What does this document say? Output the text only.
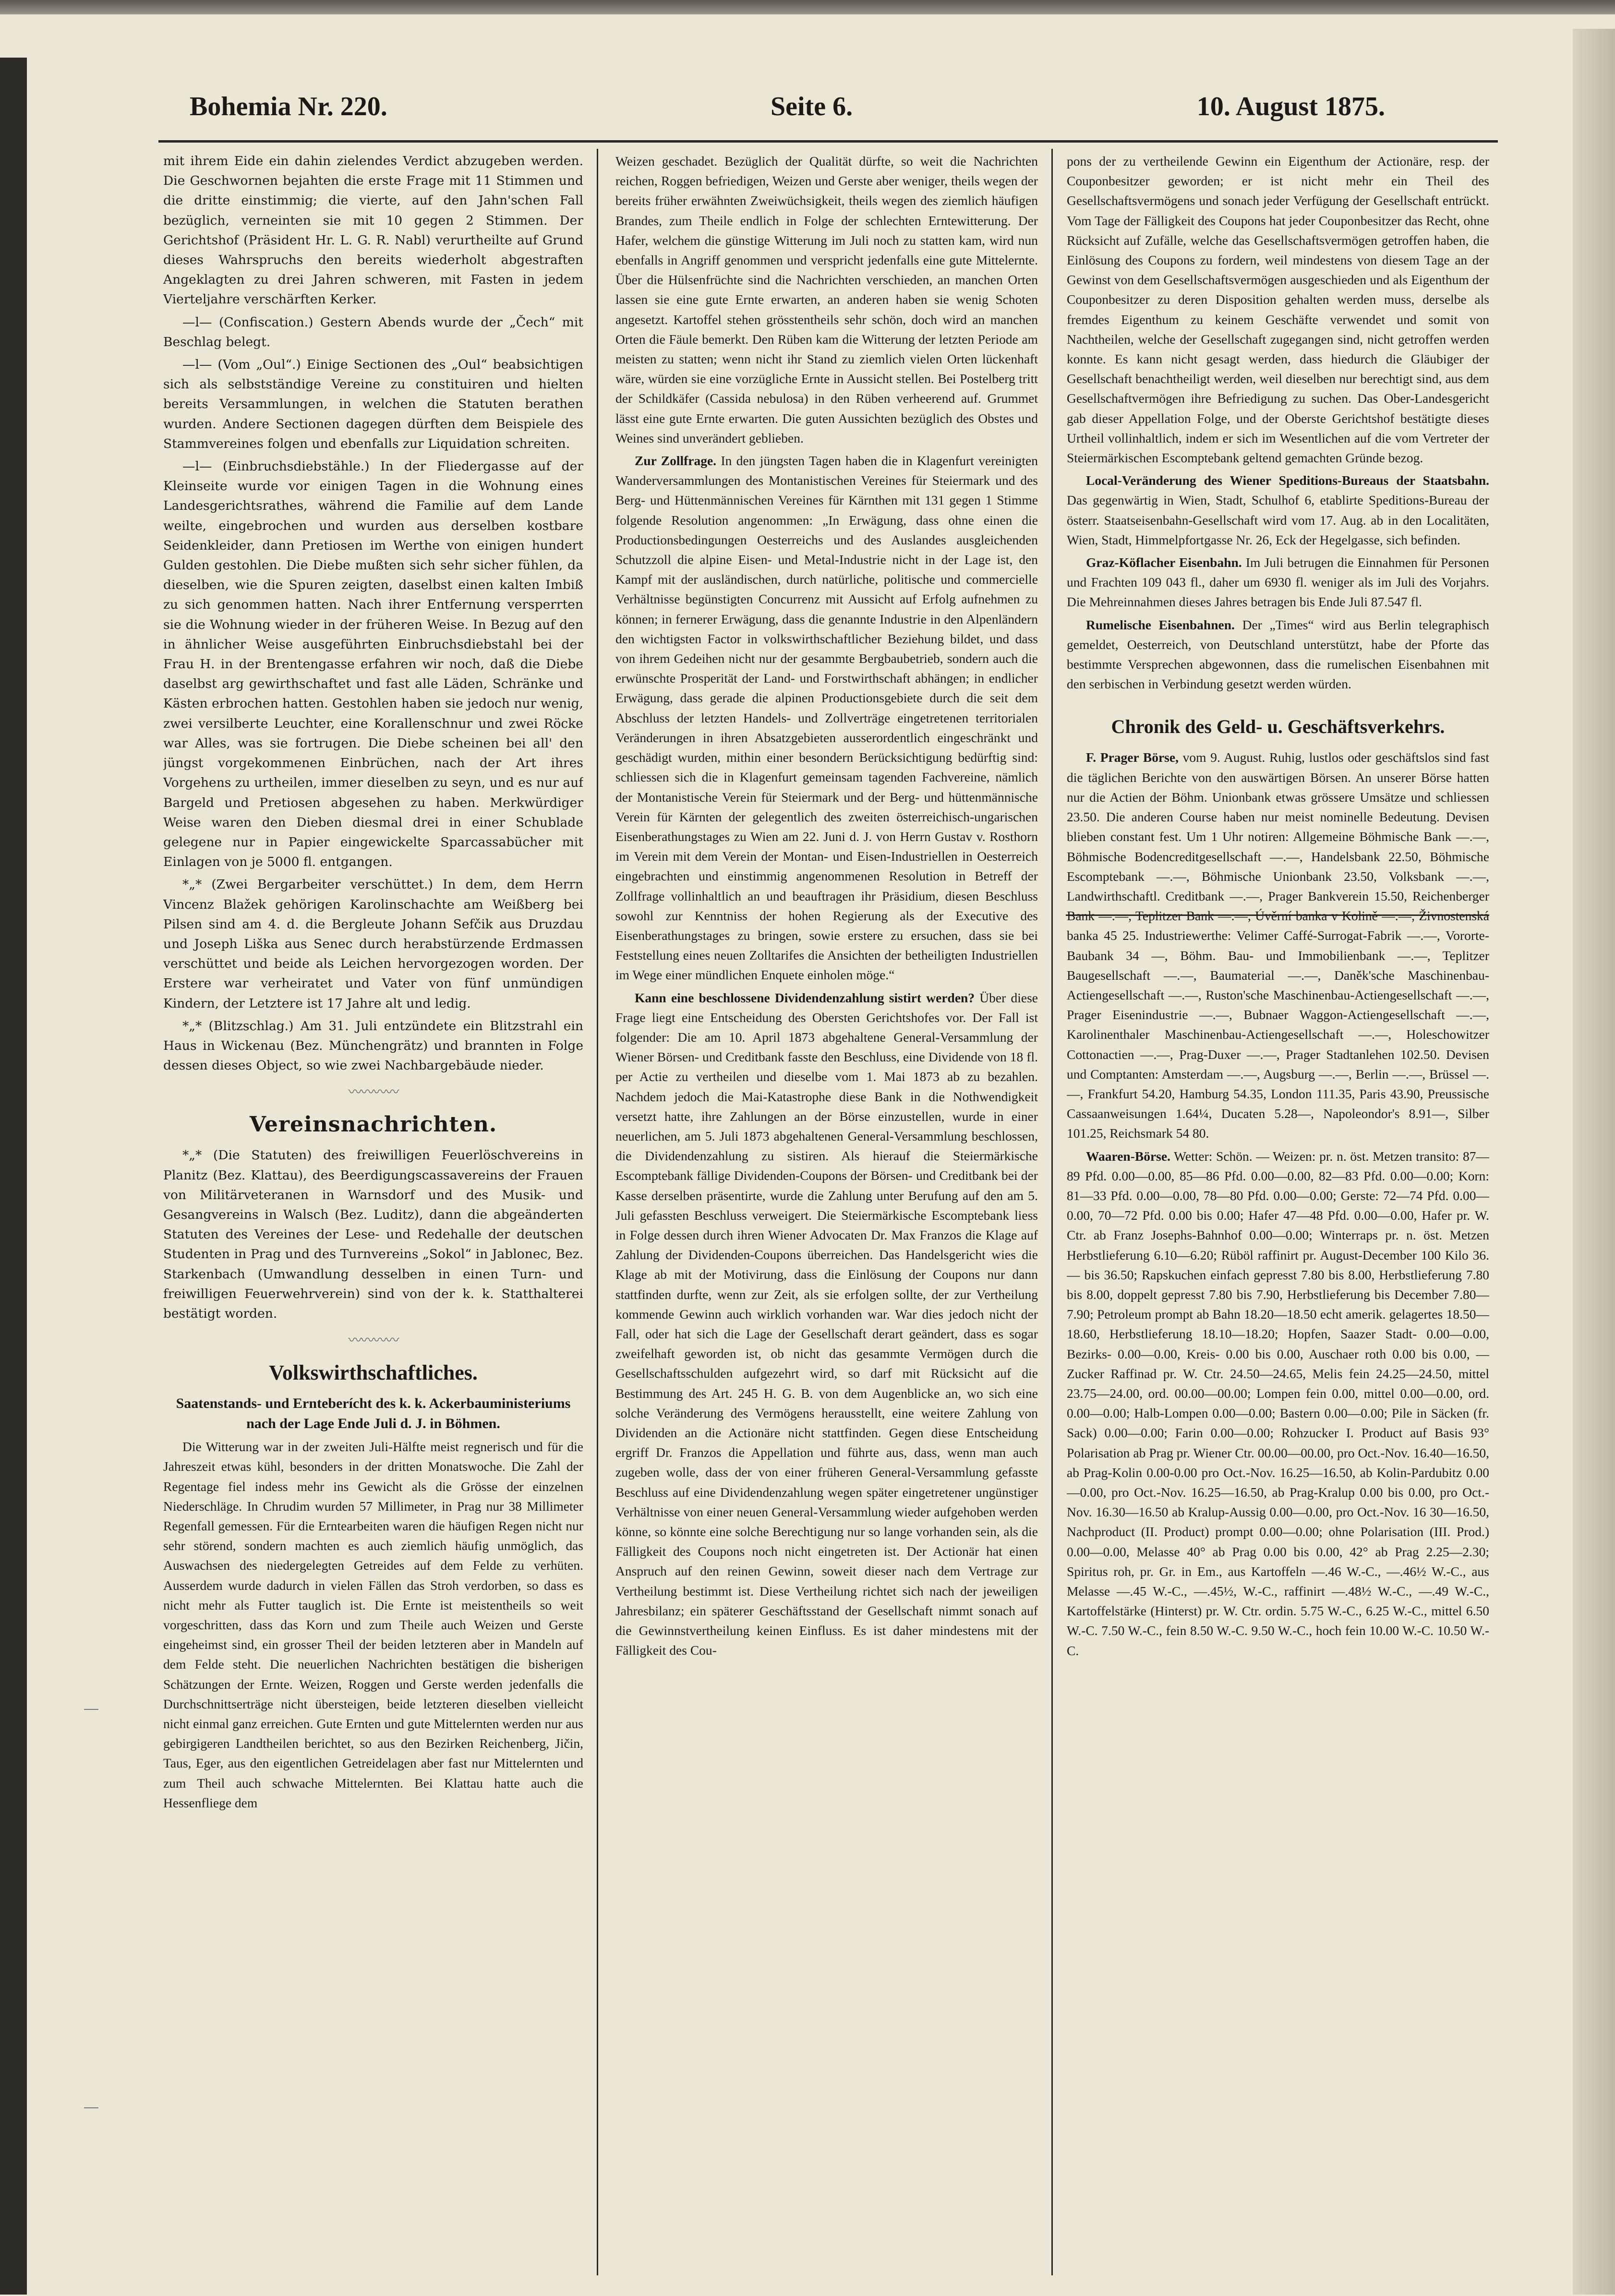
Bohemia Nr. 220.	Seite 6.	10. August 1875.

mit ihrem Eide ein dahin zielendes Verdict abzugeben werden. Die Geschwornen bejahten die erste Frage mit 11 Stimmen und die dritte einstimmig; die vierte, auf den Jahn'schen Fall bezüglich, verneinten sie mit 10 gegen 2 Stimmen. Der Gerichtshof (Präsident Hr. L. G. R. Nabl) verurtheilte auf Grund dieses Wahrspruchs den bereits wiederholt abgestraften Angeklagten zu drei Jahren schweren, mit Fasten in jedem Vierteljahre verschärften Kerker.

—l— (Confiscation.) Gestern Abends wurde der „Čech“ mit Beschlag belegt.

—l— (Vom „Oul“.) Einige Sectionen des „Oul“ beabsichtigen sich als selbstständige Vereine zu constituiren und hielten bereits Versammlungen, in welchen die Statuten berathen wurden. Andere Sectionen dagegen dürften dem Beispiele des Stammvereines folgen und ebenfalls zur Liquidation schreiten.

—l— (Einbruchsdiebstähle.) In der Fliedergasse auf der Kleinseite wurde vor einigen Tagen in die Wohnung eines Landesgerichtsrathes, während die Familie auf dem Lande weilte, eingebrochen und wurden aus derselben kostbare Seidenkleider, dann Pretiosen im Werthe von einigen hundert Gulden gestohlen. Die Diebe mußten sich sehr sicher fühlen, da dieselben, wie die Spuren zeigten, daselbst einen kalten Imbiß zu sich genommen hatten. Nach ihrer Entfernung versperrten sie die Wohnung wieder in der früheren Weise. In Bezug auf den in ähnlicher Weise ausgeführten Einbruchsdiebstahl bei der Frau H. in der Brentengasse erfahren wir noch, daß die Diebe daselbst arg gewirthschaftet und fast alle Läden, Schränke und Kästen erbrochen hatten. Gestohlen haben sie jedoch nur wenig, zwei versilberte Leuchter, eine Korallenschnur und zwei Röcke war Alles, was sie fortrugen. Die Diebe scheinen bei all' den jüngst vorgekommenen Einbrüchen, nach der Art ihres Vorgehens zu urtheilen, immer dieselben zu seyn, und es nur auf Bargeld und Pretiosen abgesehen zu haben. Merkwürdiger Weise waren den Dieben diesmal drei in einer Schublade gelegene nur in Papier eingewickelte Sparcassabücher mit Einlagen von je 5000 fl. entgangen.

*„* (Zwei Bergarbeiter verschüttet.) In dem, dem Herrn Vincenz Blažek gehörigen Karolinschachte am Weißberg bei Pilsen sind am 4. d. die Bergleute Johann Sefčik aus Druzdau und Joseph Liška aus Senec durch herabstürzende Erdmassen verschüttet und beide als Leichen hervorgezogen worden. Der Erstere war verheiratet und Vater von fünf unmündigen Kindern, der Letztere ist 17 Jahre alt und ledig.

*„* (Blitzschlag.) Am 31. Juli entzündete ein Blitzstrahl ein Haus in Wickenau (Bez. Münchengrätz) und brannten in Folge dessen dieses Object, so wie zwei Nachbargebäude nieder.

〰〰〰〰
Vereinsnachrichten.

*„* (Die Statuten) des freiwilligen Feuerlöschvereins in Planitz (Bez. Klattau), des Beerdigungscassavereins der Frauen von Militärveteranen in Warnsdorf und des Musik- und Gesangvereins in Walsch (Bez. Luditz), dann die abgeänderten Statuten des Vereines der Lese- und Redehalle der deutschen Studenten in Prag und des Turnvereins „Sokol“ in Jablonec, Bez. Starkenbach (Umwandlung desselben in einen Turn- und freiwilligen Feuerwehrverein) sind von der k. k. Statthalterei bestätigt worden.

〰〰〰〰
Volkswirthschaftliches.
Saatenstands- und Ernteberícht des k. k. Ackerbauministeriums nach der Lage Ende Juli d. J. in Böhmen.

Die Witterung war in der zweiten Juli-Hälfte meist regnerisch und für die Jahreszeit etwas kühl, besonders in der dritten Monatswoche. Die Zahl der Regentage fiel indess mehr ins Gewicht als die Grösse der einzelnen Niederschläge. In Chrudim wurden 57 Millimeter, in Prag nur 38 Millimeter Regenfall gemessen. Für die Erntearbeiten waren die häufigen Regen nicht nur sehr störend, sondern machten es auch ziemlich häufig unmöglich, das Auswachsen des niedergelegten Getreides auf dem Felde zu verhüten. Ausserdem wurde dadurch in vielen Fällen das Stroh verdorben, so dass es nicht mehr als Futter tauglich ist. Die Ernte ist meistentheils so weit vorgeschritten, dass das Korn und zum Theile auch Weizen und Gerste eingeheimst sind, ein grosser Theil der beiden letzteren aber in Mandeln auf dem Felde steht. Die neuerlichen Nachrichten bestätigen die bisherigen Schätzungen der Ernte. Weizen, Roggen und Gerste werden jedenfalls die Durchschnittserträge nicht übersteigen, beide letzteren dieselben vielleicht nicht einmal ganz erreichen. Gute Ernten und gute Mittelernten werden nur aus gebirgigeren Landtheilen berichtet, so aus den Bezirken Reichenberg, Jičin, Taus, Eger, aus den eigentlichen Getreidelagen aber fast nur Mittelernten und zum Theil auch schwache Mittelernten. Bei Klattau hatte auch die Hessenfliege dem

Weizen geschadet. Bezüglich der Qualität dürfte, so weit die Nachrichten reichen, Roggen befriedigen, Weizen und Gerste aber weniger, theils wegen der bereits früher erwähnten Zweiwüchsigkeit, theils wegen des ziemlich häufigen Brandes, zum Theile endlich in Folge der schlechten Erntewitterung. Der Hafer, welchem die günstige Witterung im Juli noch zu statten kam, wird nun ebenfalls in Angriff genommen und verspricht jedenfalls eine gute Mittelernte. Über die Hülsenfrüchte sind die Nachrichten verschieden, an manchen Orten lassen sie eine gute Ernte erwarten, an anderen haben sie wenig Schoten angesetzt. Kartoffel stehen grösstentheils sehr schön, doch wird an manchen Orten die Fäule bemerkt. Den Rüben kam die Witterung der letzten Periode am meisten zu statten; wenn nicht ihr Stand zu ziemlich vielen Orten lückenhaft wäre, würden sie eine vorzügliche Ernte in Aussicht stellen. Bei Postelberg tritt der Schildkäfer (Cassida nebulosa) in den Rüben verheerend auf. Grummet lässt eine gute Ernte erwarten. Die guten Aussichten bezüglich des Obstes und Weines sind unverändert geblieben.

Zur Zollfrage. In den jüngsten Tagen haben die in Klagenfurt vereinigten Wanderversammlungen des Montanistischen Vereines für Steiermark und des Berg- und Hüttenmännischen Vereines für Kärnthen mit 131 gegen 1 Stimme folgende Resolution angenommen: „In Erwägung, dass ohne einen die Productionsbedingungen Oesterreichs und des Auslandes ausgleichenden Schutzzoll die alpine Eisen- und Metal-Industrie nicht in der Lage ist, den Kampf mit der ausländischen, durch natürliche, politische und commercielle Verhältnisse begünstigten Concurrenz mit Aussicht auf Erfolg aufnehmen zu können; in fernerer Erwägung, dass die genannte Industrie in den Alpenländern den wichtigsten Factor in volkswirthschaftlicher Beziehung bildet, und dass von ihrem Gedeihen nicht nur der gesammte Bergbaubetrieb, sondern auch die erwünschte Prosperität der Land- und Forstwirthschaft abhängen; in endlicher Erwägung, dass gerade die alpinen Productionsgebiete durch die seit dem Abschluss der letzten Handels- und Zollverträge eingetretenen territorialen Veränderungen in ihren Absatzgebieten ausserordentlich eingeschränkt und geschädigt wurden, mithin einer besondern Berücksichtigung bedürftig sind: schliessen sich die in Klagenfurt gemeinsam tagenden Fachvereine, nämlich der Montanistische Verein für Steiermark und der Berg- und hüttenmännische Verein für Kärnten der gelegentlich des zweiten österreichisch-ungarischen Eisenberathungstages zu Wien am 22. Juni d. J. von Herrn Gustav v. Rosthorn im Verein mit dem Verein der Montan- und Eisen-Industriellen in Oesterreich eingebrachten und einstimmig angenommenen Resolution in Betreff der Zollfrage vollinhaltlich an und beauftragen ihr Präsidium, diesen Beschluss sowohl zur Kenntniss der hohen Regierung als der Executive des Eisenberathungstages zu bringen, sowie erstere zu ersuchen, dass sie bei Feststellung eines neuen Zolltarifes die Ansichten der betheiligten Industriellen im Wege einer mündlichen Enquete einholen möge.“

Kann eine beschlossene Dividendenzahlung sistirt werden? Über diese Frage liegt eine Entscheidung des Obersten Gerichtshofes vor. Der Fall ist folgender: Die am 10. April 1873 abgehaltene General-Versammlung der Wiener Börsen- und Creditbank fasste den Beschluss, eine Dividende von 18 fl. per Actie zu vertheilen und dieselbe vom 1. Mai 1873 ab zu bezahlen. Nachdem jedoch die Mai-Katastrophe diese Bank in die Nothwendigkeit versetzt hatte, ihre Zahlungen an der Börse einzustellen, wurde in einer neuerlichen, am 5. Juli 1873 abgehaltenen General-Versammlung beschlossen, die Dividendenzahlung zu sistiren. Als hierauf die Steiermärkische Escomptebank fällige Dividenden-Coupons der Börsen- und Creditbank bei der Kasse derselben präsentirte, wurde die Zahlung unter Berufung auf den am 5. Juli gefassten Beschluss verweigert. Die Steiermärkische Escomptebank liess in Folge dessen durch ihren Wiener Advocaten Dr. Max Franzos die Klage auf Zahlung der Dividenden-Coupons überreichen. Das Handelsgericht wies die Klage ab mit der Motivirung, dass die Einlösung der Coupons nur dann stattfinden durfte, wenn zur Zeit, als sie erfolgen sollte, der zur Vertheilung kommende Gewinn auch wirklich vorhanden war. War dies jedoch nicht der Fall, oder hat sich die Lage der Gesellschaft derart geändert, dass es sogar zweifelhaft geworden ist, ob nicht das gesammte Vermögen durch die Gesellschaftsschulden aufgezehrt wird, so darf mit Rücksicht auf die Bestimmung des Art. 245 H. G. B. von dem Augenblicke an, wo sich eine solche Veränderung des Vermögens herausstellt, eine weitere Zahlung von Dividenden an die Actionäre nicht stattfinden. Gegen diese Entscheidung ergriff Dr. Franzos die Appellation und führte aus, dass, wenn man auch zugeben wolle, dass der von einer früheren General-Versammlung gefasste Beschluss auf eine Dividendenzahlung wegen später eingetretener ungünstiger Verhältnisse von einer neuen General-Versammlung wieder aufgehoben werden könne, so könnte eine solche Berechtigung nur so lange vorhanden sein, als die Fälligkeit des Coupons noch nicht eingetreten ist. Der Actionär hat einen Anspruch auf den reinen Gewinn, soweit dieser nach dem Vertrage zur Vertheilung bestimmt ist. Diese Vertheilung richtet sich nach der jeweiligen Jahresbilanz; ein späterer Geschäftsstand der Gesellschaft nimmt sonach auf die Gewinnstvertheilung keinen Einfluss. Es ist daher mindestens mit der Fälligkeit des Cou-

pons der zu vertheilende Gewinn ein Eigenthum der Actionäre, resp. der Couponbesitzer geworden; er ist nicht mehr ein Theil des Gesellschaftsvermögens und sonach jeder Verfügung der Gesellschaft entrückt. Vom Tage der Fälligkeit des Coupons hat jeder Couponbesitzer das Recht, ohne Rücksicht auf Zufälle, welche das Gesellschaftsvermögen getroffen haben, die Einlösung des Coupons zu fordern, weil mindestens von diesem Tage an der Gewinst von dem Gesellschaftsvermögen ausgeschieden und als Eigenthum der Couponbesitzer zu deren Disposition gehalten werden muss, derselbe als fremdes Eigenthum zu keinem Geschäfte verwendet und somit von Nachtheilen, welche der Gesellschaft zugegangen sind, nicht getroffen werden konnte. Es kann nicht gesagt werden, dass hiedurch die Gläubiger der Gesellschaft benachtheiligt werden, weil dieselben nur berechtigt sind, aus dem Gesellschaftvermögen ihre Befriedigung zu suchen. Das Ober-Landesgericht gab dieser Appellation Folge, und der Oberste Gerichtshof bestätigte dieses Urtheil vollinhaltlich, indem er sich im Wesentlichen auf die vom Vertreter der Steiermärkischen Escomptebank geltend gemachten Gründe bezog.

Local-Veränderung des Wiener Speditions-Bureaus der Staatsbahn. Das gegenwärtig in Wien, Stadt, Schulhof 6, etablirte Speditions-Bureau der österr. Staatseisenbahn-Gesellschaft wird vom 17. Aug. ab in den Localitäten, Wien, Stadt, Himmelpfortgasse Nr. 26, Eck der Hegelgasse, sich befinden.

Graz-Köflacher Eisenbahn. Im Juli betrugen die Einnahmen für Personen und Frachten 109 043 fl., daher um 6930 fl. weniger als im Juli des Vorjahrs. Die Mehreinnahmen dieses Jahres betragen bis Ende Juli 87.547 fl.

Rumelische Eisenbahnen. Der „Times“ wird aus Berlin telegraphisch gemeldet, Oesterreich, von Deutschland unterstützt, habe der Pforte das bestimmte Versprechen abgewonnen, dass die rumelischen Eisenbahnen mit den serbischen in Verbindung gesetzt werden würden.

Chronik des Geld- u. Geschäftsverkehrs.

F. Prager Börse, vom 9. August. Ruhig, lustlos oder geschäftslos sind fast die täglichen Berichte von den auswärtigen Börsen. An unserer Börse hatten nur die Actien der Böhm. Unionbank etwas grössere Umsätze und schliessen 23.50. Die anderen Course haben nur meist nominelle Bedeutung. Devisen blieben constant fest. Um 1 Uhr notiren: Allgemeine Böhmische Bank —.—, Böhmische Bodencreditgesellschaft —.—, Handelsbank 22.50, Böhmische Escomptebank —.—, Böhmische Unionbank 23.50, Volksbank —.—, Landwirthschaftl. Creditbank —.—, Prager Bankverein 15.50, Reichenberger Bank —.—, Teplitzer Bank —.—, Úvěrní banka v Kolině —.—, Živnostenská banka 45 25. Industriewerthe: Velimer Caffé-Surrogat-Fabrik —.—, Vororte-Baubank 34 —, Böhm. Bau- und Immobilienbank —.—, Teplitzer Baugesellschaft —.—, Baumaterial —.—, Daněk'sche Maschinenbau-Actiengesellschaft —.—, Ruston'sche Maschinenbau-Actiengesellschaft —.—, Prager Eisenindustrie —.—, Bubnaer Waggon-Actiengesellschaft —.—, Karolinenthaler Maschinenbau-Actiengesellschaft —.—, Holeschowitzer Cottonactien —.—, Prag-Duxer —.—, Prager Stadtanlehen 102.50. Devisen und Comptanten: Amsterdam —.—, Augsburg —.—, Berlin —.—, Brüssel —.—, Frankfurt 54.20, Hamburg 54.35, London 111.35, Paris 43.90, Preussische Cassaanweisungen 1.64¼, Ducaten 5.28—, Napoleondor's 8.91—, Silber 101.25, Reichsmark 54 80.

Waaren-Börse. Wetter: Schön. — Weizen: pr. n. öst. Metzen transito: 87—89 Pfd. 0.00—0.00, 85—86 Pfd. 0.00—0.00, 82—83 Pfd. 0.00—0.00; Korn: 81—33 Pfd. 0.00—0.00, 78—80 Pfd. 0.00—0.00; Gerste: 72—74 Pfd. 0.00—0.00, 70—72 Pfd. 0.00 bis 0.00; Hafer 47—48 Pfd. 0.00—0.00, Hafer pr. W. Ctr. ab Franz Josephs-Bahnhof 0.00—0.00; Winterraps pr. n. öst. Metzen Herbstlieferung 6.10—6.20; Rüböl raffinirt pr. August-December 100 Kilo 36.— bis 36.50; Rapskuchen einfach gepresst 7.80 bis 8.00, Herbstlieferung 7.80 bis 8.00, doppelt gepresst 7.80 bis 7.90, Herbstlieferung bis December 7.80—7.90; Petroleum prompt ab Bahn 18.20—18.50 echt amerik. gelagertes 18.50—18.60, Herbstlieferung 18.10—18.20; Hopfen, Saazer Stadt- 0.00—0.00, Bezirks- 0.00—0.00, Kreis- 0.00 bis 0.00, Auschaer roth 0.00 bis 0.00, — Zucker Raffinad pr. W. Ctr. 24.50—24.65, Melis fein 24.25—24.50, mittel 23.75—24.00, ord. 00.00—00.00; Lompen fein 0.00, mittel 0.00—0.00, ord. 0.00—0.00; Halb-Lompen 0.00—0.00; Bastern 0.00—0.00; Pile in Säcken (fr. Sack) 0.00—0.00; Farin 0.00—0.00; Rohzucker I. Product auf Basis 93° Polarisation ab Prag pr. Wiener Ctr. 00.00—00.00, pro Oct.-Nov. 16.40—16.50, ab Prag-Kolin 0.00-0.00 pro Oct.-Nov. 16.25—16.50, ab Kolin-Pardubitz 0.00—0.00, pro Oct.-Nov. 16.25—16.50, ab Prag-Kralup 0.00 bis 0.00, pro Oct.-Nov. 16.30—16.50 ab Kralup-Aussig 0.00—0.00, pro Oct.-Nov. 16 30—16.50, Nachproduct (II. Product) prompt 0.00—0.00; ohne Polarisation (III. Prod.) 0.00—0.00, Melasse 40° ab Prag 0.00 bis 0.00, 42° ab Prag 2.25—2.30; Spiritus roh, pr. Gr. in Em., aus Kartoffeln —.46 W.-C., —.46½ W.-C., aus Melasse —.45 W.-C., —.45½, W.-C., raffinirt —.48½ W.-C., —.49 W.-C., Kartoffelstärke (Hinterst) pr. W. Ctr. ordin. 5.75 W.-C., 6.25 W.-C., mittel 6.50 W.-C. 7.50 W.-C., fein 8.50 W.-C. 9.50 W.-C., hoch fein 10.00 W.-C. 10.50 W.-C.
